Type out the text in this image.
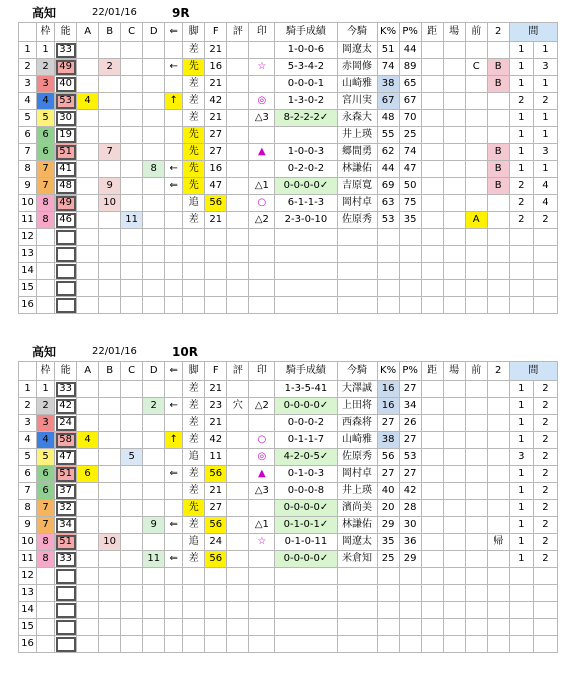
高知	22/01/16	9R
	枠	能	A	B	C	D	⇐	脚	F	評	印	騎手成績	今騎	K%	P%	距	場	前	2	間	
1	1	33						差	21			1-0-0-6	岡遼太	51	44					1	1
2	2	49		2			←	先	16		☆	5-3-4-2	赤岡修	74	89			C	B	1	3
3	3	40						差	21			0-0-0-1	山崎雅	38	65				B	1	1
4	4	53	4				↑	差	42		◎	1-3-0-2	宮川実	67	67					2	2
5	5	30						差	21		△3	8-2-2-2✓	永森大	48	70					1	1
6	6	19						先	27				井上瑛	55	25					1	1
7	6	51		7				先	27		▲	1-0-0-3	郷間勇	62	74				B	1	3
8	7	41				8	←	先	16			0-2-0-2	林謙佑	44	47				B	1	1
9	7	48		9			⇐	先	47		△1	0-0-0-0✓	吉原寛	69	50				B	2	4
10	8	49		10				追	56		○	6-1-1-3	岡村卓	63	75					2	4
11	8	46			11			差	21		△2	2-3-0-10	佐原秀	53	35			A		2	2
12																					
13																					
14																					
15																					
16																					
高知	22/01/16	10R
	枠	能	A	B	C	D	⇐	脚	F	評	印	騎手成績	今騎	K%	P%	距	場	前	2	間	
1	1	33						差	21			1-3-5-41	大澤誠	16	27					1	2
2	2	42				2	←	差	23	穴	△2	0-0-0-0✓	上田将	16	34					1	2
3	3	24						差	21			0-0-0-2	西森将	27	26					1	2
4	4	58	4				↑	差	42		○	0-1-1-7	山崎雅	38	27					1	2
5	5	47			5			追	11		◎	4-2-0-5✓	佐原秀	56	53					3	2
6	6	51	6				⇐	差	56		▲	0-1-0-3	岡村卓	27	27					1	2
7	6	37						差	21		△3	0-0-0-8	井上瑛	40	42					1	2
8	7	32						先	27			0-0-0-0✓	濱尚美	20	28					1	2
9	7	34				9	⇐	差	56		△1	0-1-0-1✓	林謙佑	29	30					1	2
10	8	51		10				追	24		☆	0-1-0-11	岡遼太	35	36				帰	1	2
11	8	33				11	⇐	差	56			0-0-0-0✓	米倉知	25	29					1	2
12																					
13																					
14																					
15																					
16																					
